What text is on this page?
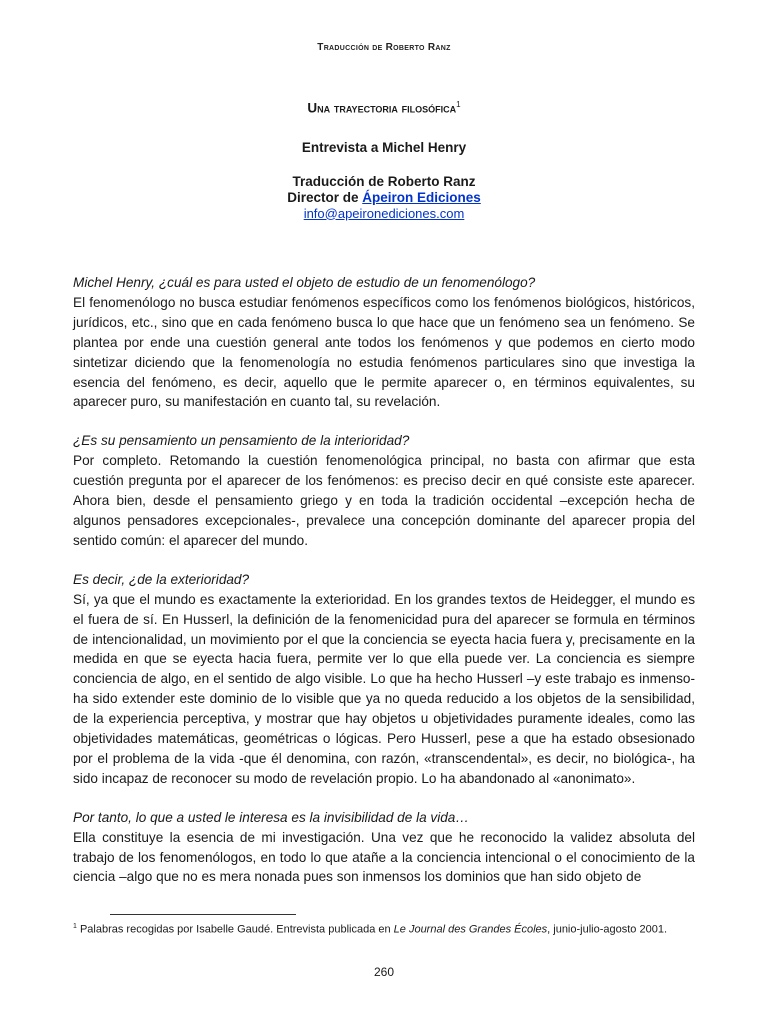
Traducción de Roberto Ranz
Una trayectoria filosófica$^1$
Entrevista a Michel Henry
Traducción de Roberto Ranz
Director de Ápeiron Ediciones
info@apeironediciones.com

Michel Henry, ¿cuál es para usted el objeto de estudio de un fenomenólogo?

El fenomenólogo no busca estudiar fenómenos específicos como los fenómenos biológicos, históricos, jurídicos, etc., sino que en cada fenómeno busca lo que hace que un fenómeno sea un fenómeno. Se plantea por ende una cuestión general ante todos los fenómenos y que podemos en cierto modo sintetizar diciendo que la fenomenología no estudia fenómenos particulares sino que investiga la esencia del fenómeno, es decir, aquello que le permite aparecer o, en términos equivalentes, su aparecer puro, su manifestación en cuanto tal, su revelación.

¿Es su pensamiento un pensamiento de la interioridad?

Por completo. Retomando la cuestión fenomenológica principal, no basta con afirmar que esta cuestión pregunta por el aparecer de los fenómenos: es preciso decir en qué consiste este aparecer. Ahora bien, desde el pensamiento griego y en toda la tradición occidental –excepción hecha de algunos pensadores excepcionales-, prevalece una concepción dominante del aparecer propia del sentido común: el aparecer del mundo.

Es decir, ¿de la exterioridad?

Sí, ya que el mundo es exactamente la exterioridad. En los grandes textos de Heidegger, el mundo es el fuera de sí. En Husserl, la definición de la fenomenicidad pura del aparecer se formula en términos de intencionalidad, un movimiento por el que la conciencia se eyecta hacia fuera y, precisamente en la medida en que se eyecta hacia fuera, permite ver lo que ella puede ver. La conciencia es siempre conciencia de algo, en el sentido de algo visible. Lo que ha hecho Husserl –y este trabajo es inmenso- ha sido extender este dominio de lo visible que ya no queda reducido a los objetos de la sensibilidad, de la experiencia perceptiva, y mostrar que hay objetos u objetividades puramente ideales, como las objetividades matemáticas, geométricas o lógicas. Pero Husserl, pese a que ha estado obsesionado por el problema de la vida -que él denomina, con razón, «transcendental», es decir, no biológica-, ha sido incapaz de reconocer su modo de revelación propio. Lo ha abandonado al «anonimato».

Por tanto, lo que a usted le interesa es la invisibilidad de la vida…

Ella constituye la esencia de mi investigación. Una vez que he reconocido la validez absoluta del trabajo de los fenomenólogos, en todo lo que atañe a la conciencia intencional o el conocimiento de la ciencia –algo que no es mera nonada pues son inmensos los dominios que han sido objeto de

$^1$ Palabras recogidas por Isabelle Gaudé. Entrevista publicada en Le Journal des Grandes Écoles, junio-julio-agosto 2001.
260
